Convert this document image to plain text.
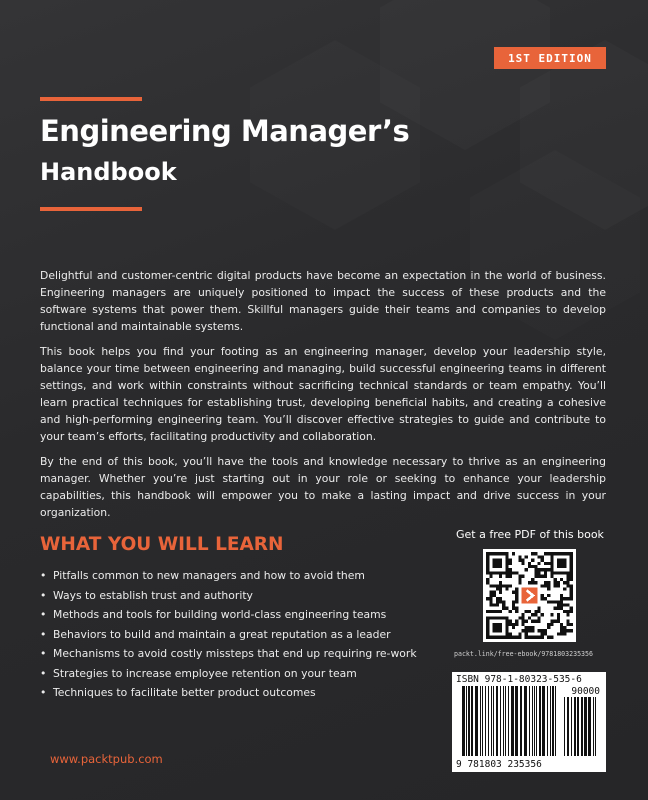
1ST EDITION
Engineering Manager’s
Handbook

Delightful and customer-centric digital products have become an expectation in the world of business. Engineering managers are uniquely positioned to impact the success of these products and the software systems that power them. Skillful managers guide their teams and companies to develop functional and maintainable systems.

This book helps you find your footing as an engineering manager, develop your leadership style, balance your time between engineering and managing, build successful engineering teams in different settings, and work within constraints without sacrificing technical standards or team empathy. You’ll learn practical techniques for establishing trust, developing beneficial habits, and creating a cohesive and high-performing engineering team. You’ll discover effective strategies to guide and contribute to your team’s efforts, facilitating productivity and collaboration.

By the end of this book, you’ll have the tools and knowledge necessary to thrive as an engineering manager. Whether you’re just starting out in your role or seeking to enhance your leadership capabilities, this handbook will empower you to make a lasting impact and drive success in your organization.

WHAT YOU WILL LEARN
• Pitfalls common to new managers and how to avoid them
• Ways to establish trust and authority
• Methods and tools for building world-class engineering teams
• Behaviors to build and maintain a great reputation as a leader
• Mechanisms to avoid costly missteps that end up requiring re-work
• Strategies to increase employee retention on your team
• Techniques to facilitate better product outcomes
Get a free PDF of this book
packt.link/free-ebook/9781803235356
ISBN 978-1-80323-535-6
90000
9 781803 235356
www.packtpub.com
